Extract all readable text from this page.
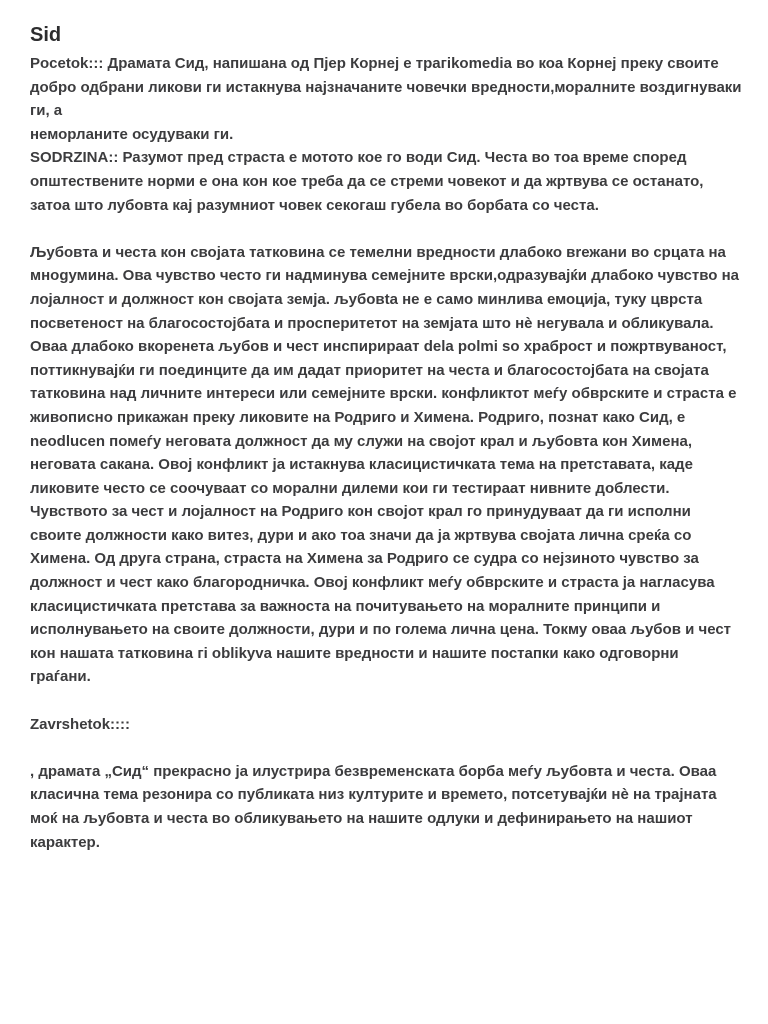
Sid

Pocetok::: Драмата Сид, напишана од Пјер Корнеј е трагikomedia во коа Корнеј преку своите добро одбрани ликови ги истакнува најзначаните човечки вредности,моралните воздигнуваки ги, а
неморланите осудуваки ги.

SODRZINA:: Разумот пред страста е мотото кое го води Сид. Честа во тоа време според општествените норми е она кон кое треба да се стреми човекот и да жртвува се останато, затоа што лубовта кај разумниот човек секогаш губела во борбата со честа.

Љубовта и честа кон својата татковина се темелни вредности длабоко вrежани во срцата на мнogумина. Ова чувство често ги надминува семејните врски,одразувајќи длабоко чувство на лојалност и должност кон својата земја. љубовta не е само минлива емоција, туку цврста посветеност на благосостојбата и просперитетот на земјата што нè негувала и обликувала. Оваа длабоко вкоренета љубов и чест инспирираат dela polmi so храброст и пожртвуваност, поттикнувајќи ги поединците да им дадат приоритет на честа и благосостојбата на својата татковина над личните интереси или семејните врски. конфликтот меѓу обврските и страста е живописно прикажан преку ликовите на Родриго и Химена. Родриго, познат како Сид, е neodlucen помеѓу неговата должност да му служи на својот крал и љубовта кон Химена, неговата сакана. Овој конфликт ја истакнува класицистичката тема на претставата, каде ликовите често се соочуваат со морални дилеми кои ги тестираат нивните доблести. Чувството за чест и лојалност на Родриго кон својот крал го принудуваат да ги исполни своите должности како витез, дури и ако тоа значи да ја жртвува својата лична среќа со Химена. Од друга страна, страста на Химена за Родриго се судра со нејзиното чувство за должност и чест како благородничка. Овој конфликт меѓу обврските и страста ја нагласува класицистичката претстава за важноста на почитувањето на моралните принципи и исполнувањето на своите должности, дури и по голема лична цена. Токму оваа љубов и чест кон нашата татковина гi oblikyva нашите вредности и нашите постапки како одговорни граѓани.

Zavrshetok::::

, драмата „Сид“ прекрасно ја илустрира безвременската борба меѓу љубовта и честа. Оваа класична тема резонира со публиката низ културите и времето, потсетувајќи нè на трајната моќ на љубовта и честа во обликувањето на нашите одлуки и дефинирањето на нашиот карактер.
